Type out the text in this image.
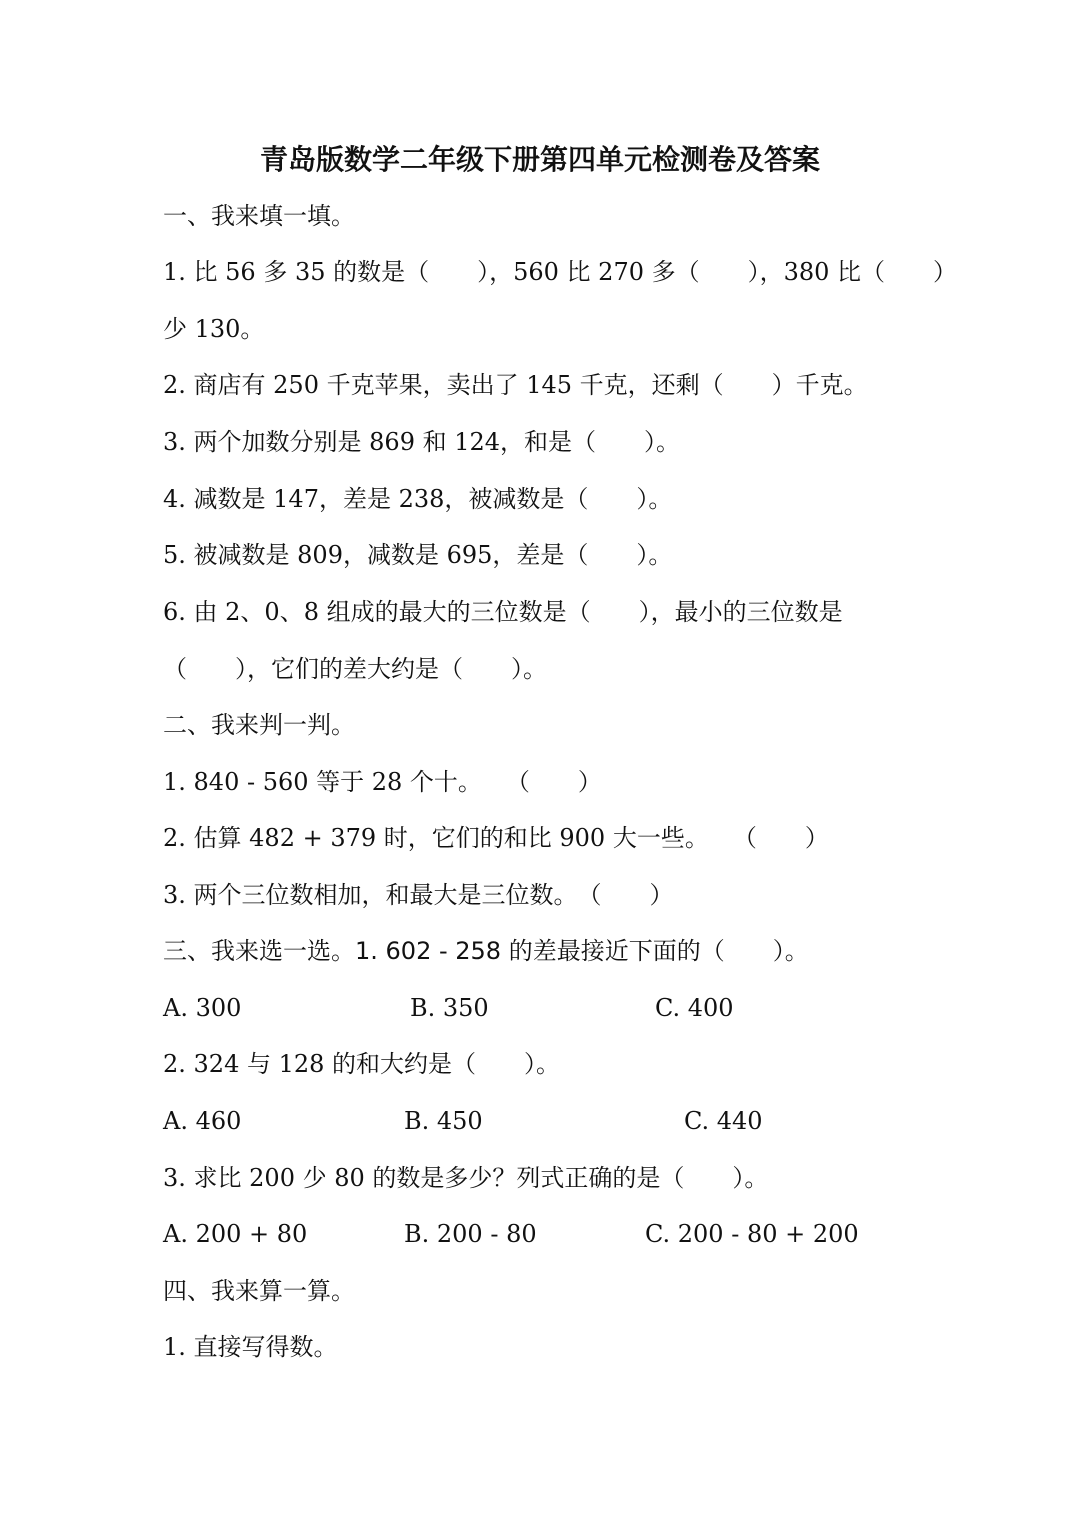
青岛版数学二年级下册第四单元检测卷及答案
一、我来填一填。
1. 比 56 多 35 的数是（　　），560 比 270 多（　　），380 比（　　）
少 130。
2. 商店有 250 千克苹果，卖出了 145 千克，还剩（　　）千克。
3. 两个加数分别是 869 和 124，和是（　　）。
4. 减数是 147，差是 238，被减数是（　　）。
5. 被减数是 809，减数是 695，差是（　　）。
6. 由 2、0、8 组成的最大的三位数是（　　），最小的三位数是
（　　），它们的差大约是（　　）。
二、我来判一判。
1. 840 - 560 等于 28 个十。　　（　　）
2. 估算 482 + 379 时，它们的和比 900 大一些。　　（　　）
3. 两个三位数相加，和最大是三位数。　（　　）
三、我来选一选。1. 602 - 258 的差最接近下面的（　　）。
A. 300	B. 350	C. 400
2. 324 与 128 的和大约是（　　）。
A. 460	B. 450	C. 440
3. 求比 200 少 80 的数是多少？列式正确的是（　　）。
A. 200 + 80	B. 200 - 80	C. 200 - 80 + 200
四、我来算一算。
1. 直接写得数。
